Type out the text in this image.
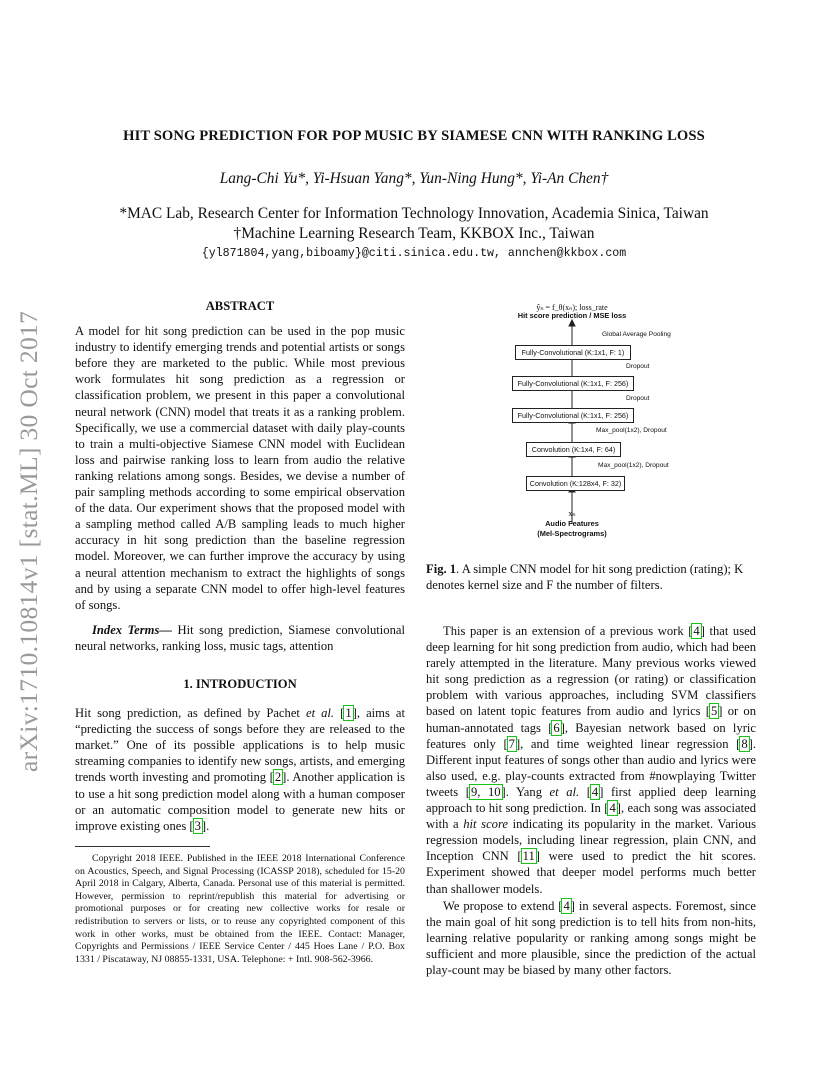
arXiv:1710.10814v1 [stat.ML] 30 Oct 2017
HIT SONG PREDICTION FOR POP MUSIC BY SIAMESE CNN WITH RANKING LOSS
Lang-Chi Yu*, Yi-Hsuan Yang*, Yun-Ning Hung*, Yi-An Chen†
*MAC Lab, Research Center for Information Technology Innovation, Academia Sinica, Taiwan
†Machine Learning Research Team, KKBOX Inc., Taiwan
{yl871804,yang,biboamy}@citi.sinica.edu.tw, annchen@kkbox.com

ABSTRACT

A model for hit song prediction can be used in the pop music industry to identify emerging trends and potential artists or songs before they are marketed to the public. While most previous work formulates hit song prediction as a regression or classification problem, we present in this paper a convolutional neural network (CNN) model that treats it as a ranking problem. Specifically, we use a commercial dataset with daily play-counts to train a multi-objective Siamese CNN model with Euclidean loss and pairwise ranking loss to learn from audio the relative ranking relations among songs. Besides, we devise a number of pair sampling methods according to some empirical observation of the data. Our experiment shows that the proposed model with a sampling method called A/B sampling leads to much higher accuracy in hit song prediction than the baseline regression model. Moreover, we can further improve the accuracy by using a neural attention mechanism to extract the highlights of songs and by using a separate CNN model to offer high-level features of songs.

Index Terms— Hit song prediction, Siamese convolutional neural networks, ranking loss, music tags, attention

1. INTRODUCTION

Hit song prediction, as defined by Pachet et al. [1], aims at “predicting the success of songs before they are released to the market.” One of its possible applications is to help music streaming companies to identify new songs, artists, and emerging trends worth investing and promoting [2]. Another application is to use a hit song prediction model along with a human composer or an automatic composition model to generate new hits or improve existing ones [3].

Copyright 2018 IEEE. Published in the IEEE 2018 International Conference on Acoustics, Speech, and Signal Processing (ICASSP 2018), scheduled for 15-20 April 2018 in Calgary, Alberta, Canada. Personal use of this material is permitted. However, permission to reprint/republish this material for advertising or promotional purposes or for creating new collective works for resale or redistribution to servers or lists, or to reuse any copyrighted component of this work in other works, must be obtained from the IEEE. Contact: Manager, Copyrights and Permissions / IEEE Service Center / 445 Hoes Lane / P.O. Box 1331 / Piscataway, NJ 08855-1331, USA. Telephone: + Intl. 908-562-3966.
ŷₙ = f_θ(xₙ); loss_rate
Hit score prediction / MSE loss
Global Average Pooling
Fully-Convolutional (K:1x1, F: 1)
Dropout
Fully-Convolutional (K:1x1, F: 256)
Dropout
Fully-Convolutional (K:1x1, F: 256)
Max_pool(1x2), Dropout
Convolution (K:1x4, F: 64)
Max_pool(1x2), Dropout
Convolution (K:128x4, F: 32)
xₙ
Audio Features
(Mel-Spectrograms)
Fig. 1. A simple CNN model for hit song prediction (rating); K denotes kernel size and F the number of filters.

This paper is an extension of a previous work [4] that used deep learning for hit song prediction from audio, which had been rarely attempted in the literature. Many previous works viewed hit song prediction as a regression (or rating) or classification problem with various approaches, including SVM classifiers based on latent topic features from audio and lyrics [5] or on human-annotated tags [6], Bayesian network based on lyric features only [7], and time weighted linear regression [8]. Different input features of songs other than audio and lyrics were also used, e.g. play-counts extracted from #nowplaying Twitter tweets [9, 10]. Yang et al. [4] first applied deep learning approach to hit song prediction. In [4], each song was associated with a hit score indicating its popularity in the market. Various regression models, including linear regression, plain CNN, and Inception CNN [11] were used to predict the hit scores. Experiment showed that deeper model performs much better than shallower models.

We propose to extend [4] in several aspects. Foremost, since the main goal of hit song prediction is to tell hits from non-hits, learning relative popularity or ranking among songs might be sufficient and more plausible, since the prediction of the actual play-count may be biased by many other factors.
